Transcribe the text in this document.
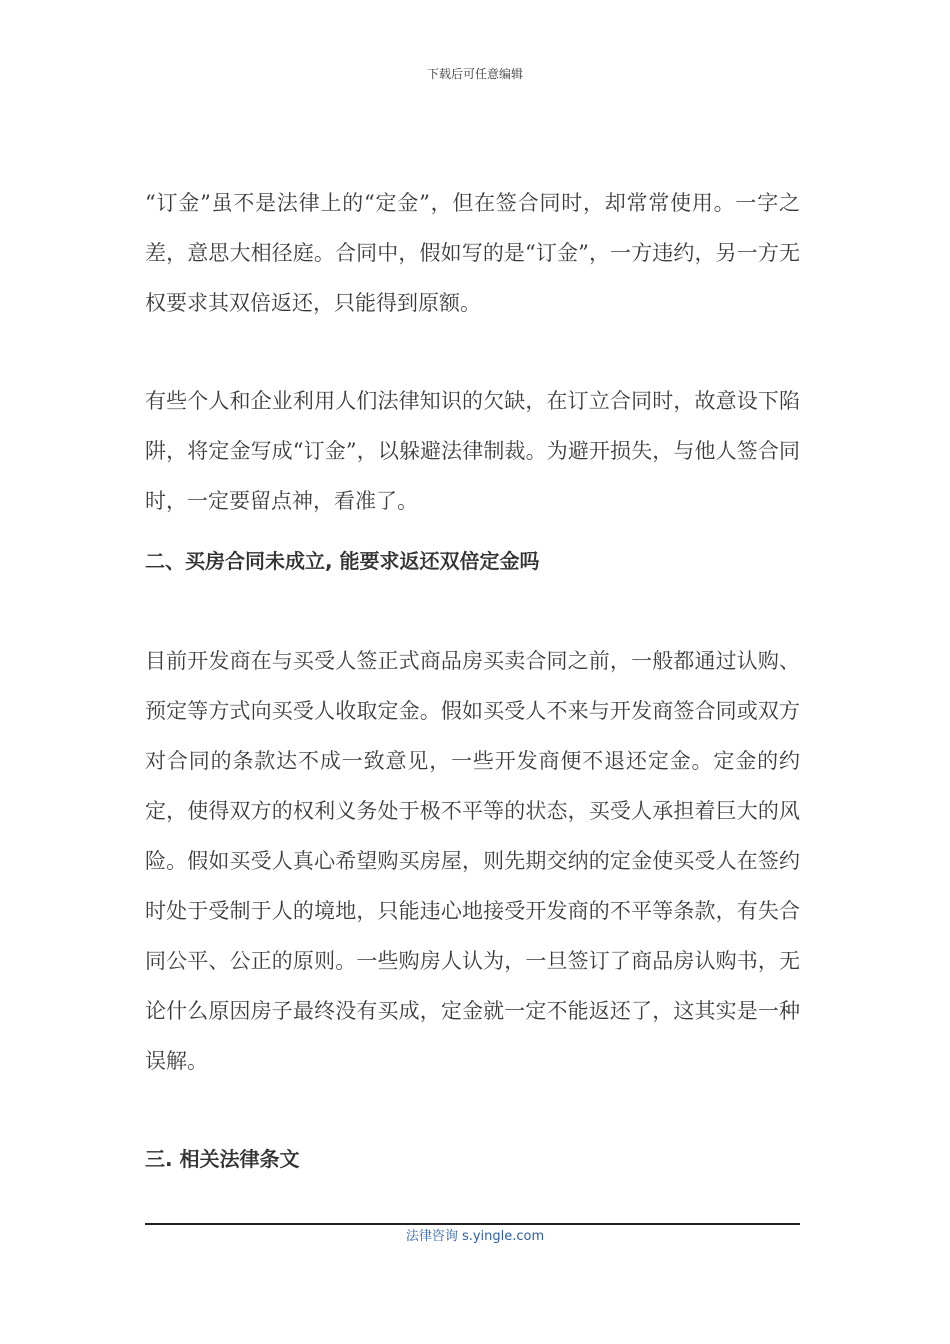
下载后可任意编辑

“订金”虽不是法律上的“定金”，但在签合同时，却常常使用。一字之差，意思大相径庭。合同中，假如写的是“订金”，一方违约，另一方无权要求其双倍返还，只能得到原额。

有些个人和企业利用人们法律知识的欠缺，在订立合同时，故意设下陷阱，将定金写成“订金”，以躲避法律制裁。为避开损失，与他人签合同时，一定要留点神，看准了。

二、买房合同未成立, 能要求返还双倍定金吗

目前开发商在与买受人签正式商品房买卖合同之前，一般都通过认购、预定等方式向买受人收取定金。假如买受人不来与开发商签合同或双方对合同的条款达不成一致意见，一些开发商便不退还定金。定金的约定，使得双方的权利义务处于极不平等的状态，买受人承担着巨大的风险。假如买受人真心希望购买房屋，则先期交纳的定金使买受人在签约时处于受制于人的境地，只能违心地接受开发商的不平等条款，有失合同公平、公正的原则。一些购房人认为，一旦签订了商品房认购书，无论什么原因房子最终没有买成，定金就一定不能返还了，这其实是一种误解。

三. 相关法律条文
法律咨询 s.yingle.com
